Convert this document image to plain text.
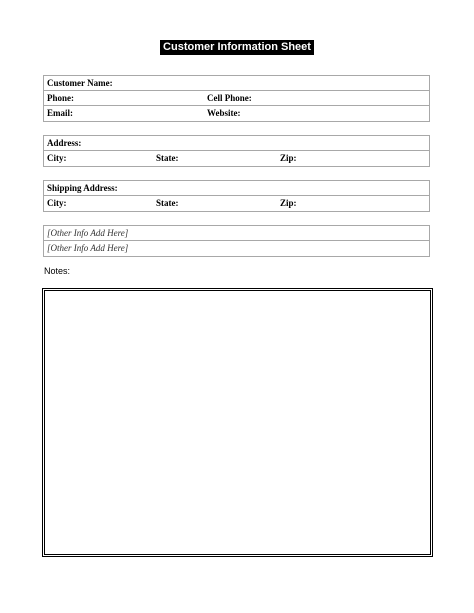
Customer Information Sheet
Customer Name:
Phone:	Cell Phone:
Email:	Website:
Address:
City:	State:	Zip:
Shipping Address:
City:	State:	Zip:
[Other Info Add Here]
[Other Info Add Here]
Notes:
